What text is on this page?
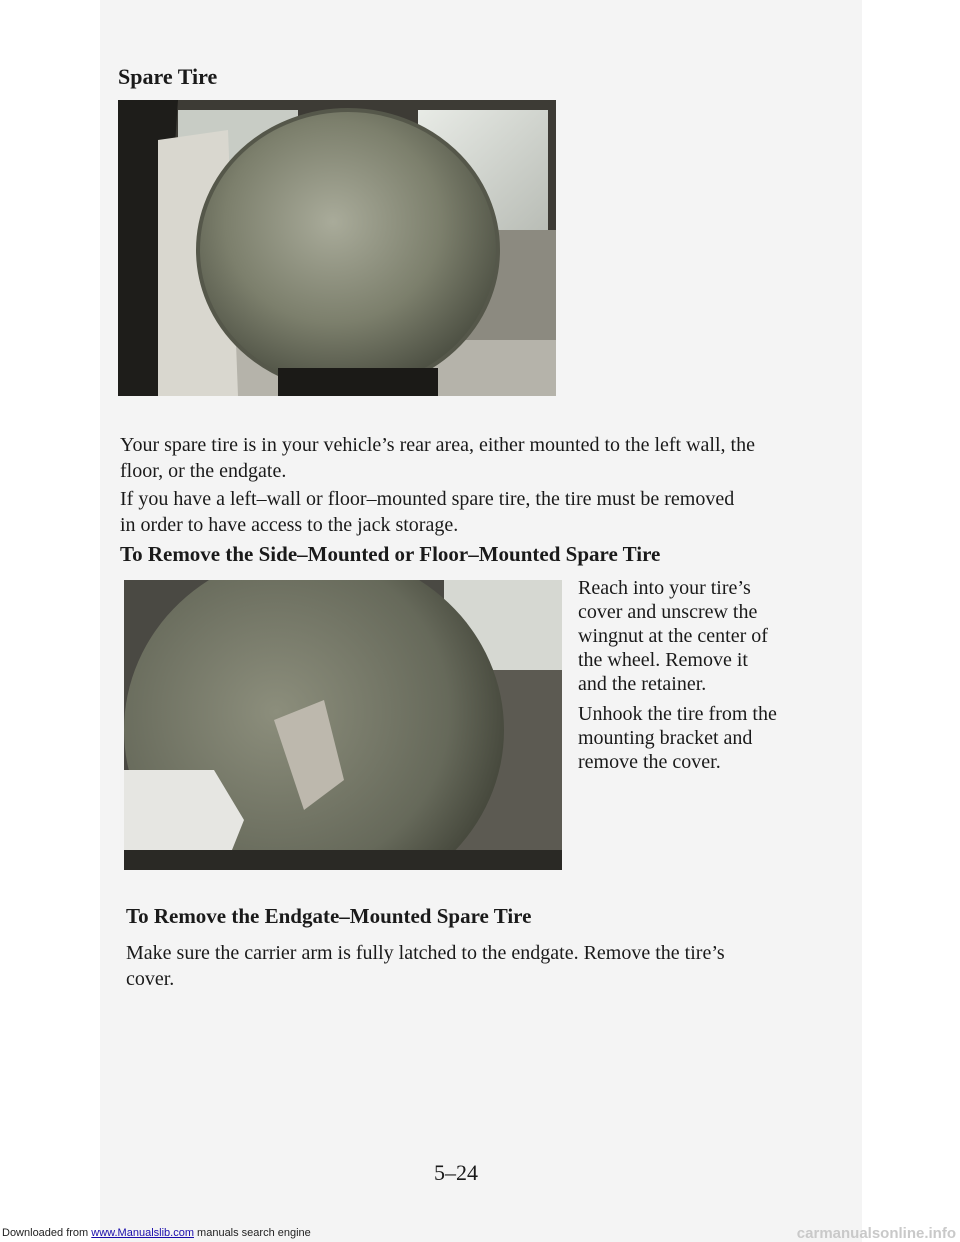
Spare Tire

Your spare tire is in your vehicle’s rear area, either mounted to the left wall, the floor, or the endgate.

If you have a left–wall or floor–mounted spare tire, the tire must be removed in order to have access to the jack storage.

To Remove the Side–Mounted or Floor–Mounted Spare Tire

Reach into your tire’s cover and unscrew the wingnut at the center of the wheel. Remove it and the retainer.

Unhook the tire from the mounting bracket and remove the cover.

To Remove the Endgate–Mounted Spare Tire

Make sure the carrier arm is fully latched to the endgate. Remove the tire’s cover.

5–24
Downloaded from www.Manualslib.com manuals search engine	carmanualsonline.info
